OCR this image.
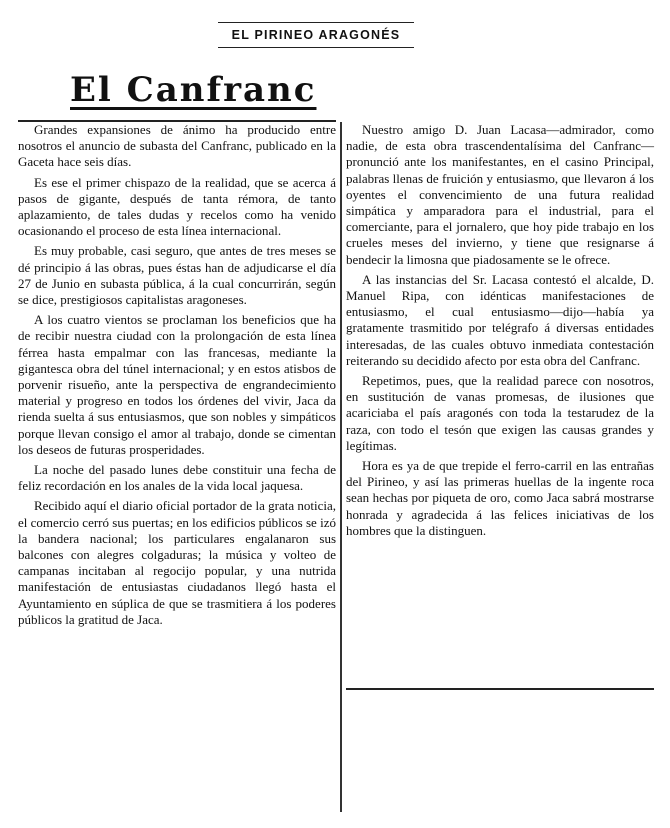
EL PIRINEO ARAGONÉS
El Canfranc

Grandes expansiones de ánimo ha producido entre nosotros el anuncio de subasta del Canfranc, publicado en la Gaceta hace seis días.

Es ese el primer chispazo de la realidad, que se acerca á pasos de gigante, después de tanta rémora, de tanto aplazamiento, de tales dudas y recelos como ha venido ocasionando el proceso de esta línea internacional.

Es muy probable, casi seguro, que antes de tres meses se dé principio á las obras, pues éstas han de adjudicarse el día 27 de Junio en subasta pública, á la cual concurrirán, según se dice, prestigiosos capitalistas aragoneses.

A los cuatro vientos se proclaman los beneficios que ha de recibir nuestra ciudad con la prolongación de esta línea férrea hasta empalmar con las francesas, mediante la gigantesca obra del túnel internacional; y en estos atisbos de porvenir risueño, ante la perspectiva de engrandecimiento material y progreso en todos los órdenes del vivir, Jaca da rienda suelta á sus entusiasmos, que son nobles y simpáticos porque llevan consigo el amor al trabajo, donde se cimentan los deseos de futuras prosperidades.

La noche del pasado lunes debe constituir una fecha de feliz recordación en los anales de la vida local jaquesa.

Recibido aquí el diario oficial portador de la grata noticia, el comercio cerró sus puertas; en los edificios públicos se izó la bandera nacional; los particulares engalanaron sus balcones con alegres colgaduras; la música y volteo de campanas incitaban al regocijo popular, y una nutrida manifestación de entusiastas ciudadanos llegó hasta el Ayuntamiento en súplica de que se trasmitiera á los poderes públicos la gratitud de Jaca.

Nuestro amigo D. Juan Lacasa—admirador, como nadie, de esta obra trascendentalísima del Canfranc—pronunció ante los manifestantes, en el casino Principal, palabras llenas de fruición y entusiasmo, que llevaron á los oyentes el convencimiento de una futura realidad simpática y amparadora para el industrial, para el comerciante, para el jornalero, que hoy pide trabajo en los crueles meses del invierno, y tiene que resignarse á bendecir la limosna que piadosamente se le ofrece.

A las instancias del Sr. Lacasa contestó el alcalde, D. Manuel Ripa, con idénticas manifestaciones de entusiasmo, el cual entusiasmo—dijo—había ya gratamente trasmitido por telégrafo á diversas entidades interesadas, de las cuales obtuvo inmediata contestación reiterando su decidido afecto por esta obra del Canfranc.

Repetimos, pues, que la realidad parece con nosotros, en sustitución de vanas promesas, de ilusiones que acariciaba el país aragonés con toda la testarudez de la raza, con todo el tesón que exigen las causas grandes y legítimas.

Hora es ya de que trepide el ferro-carril en las entrañas del Pirineo, y así las primeras huellas de la ingente roca sean hechas por piqueta de oro, como Jaca sabrá mostrarse honrada y agradecida á las felices iniciativas de los hombres que la distinguen.
